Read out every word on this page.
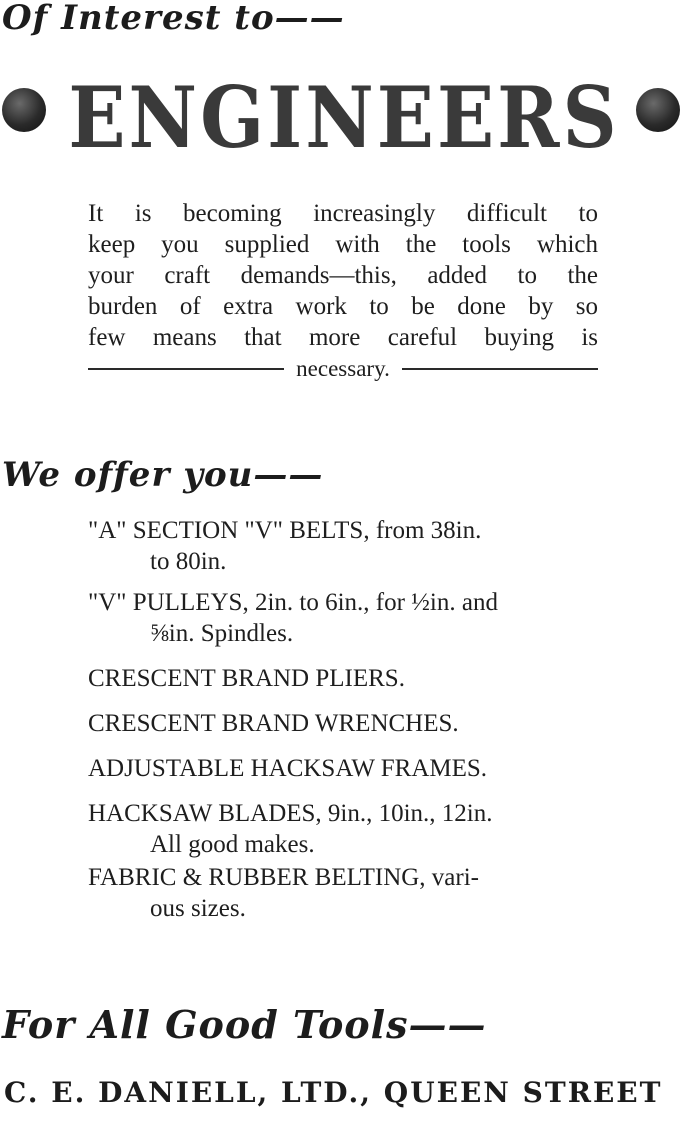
Of Interest to——
ENGINEERS
It is becoming increasingly difficult to
keep you supplied with the tools which
your craft demands—this, added to the
burden of extra work to be done by so
few means that more careful buying is
necessary.
We offer you——
"A" SECTION "V" BELTS, from 38in.
to 80in.
"V" PULLEYS, 2in. to 6in., for ½in. and
⅝in. Spindles.
CRESCENT BRAND PLIERS.
CRESCENT BRAND WRENCHES.
ADJUSTABLE HACKSAW FRAMES.
HACKSAW BLADES, 9in., 10in., 12in.
All good makes.
FABRIC & RUBBER BELTING, vari-
ous sizes.
For All Good Tools——
C. E. DANIELL, LTD., QUEEN STREET
